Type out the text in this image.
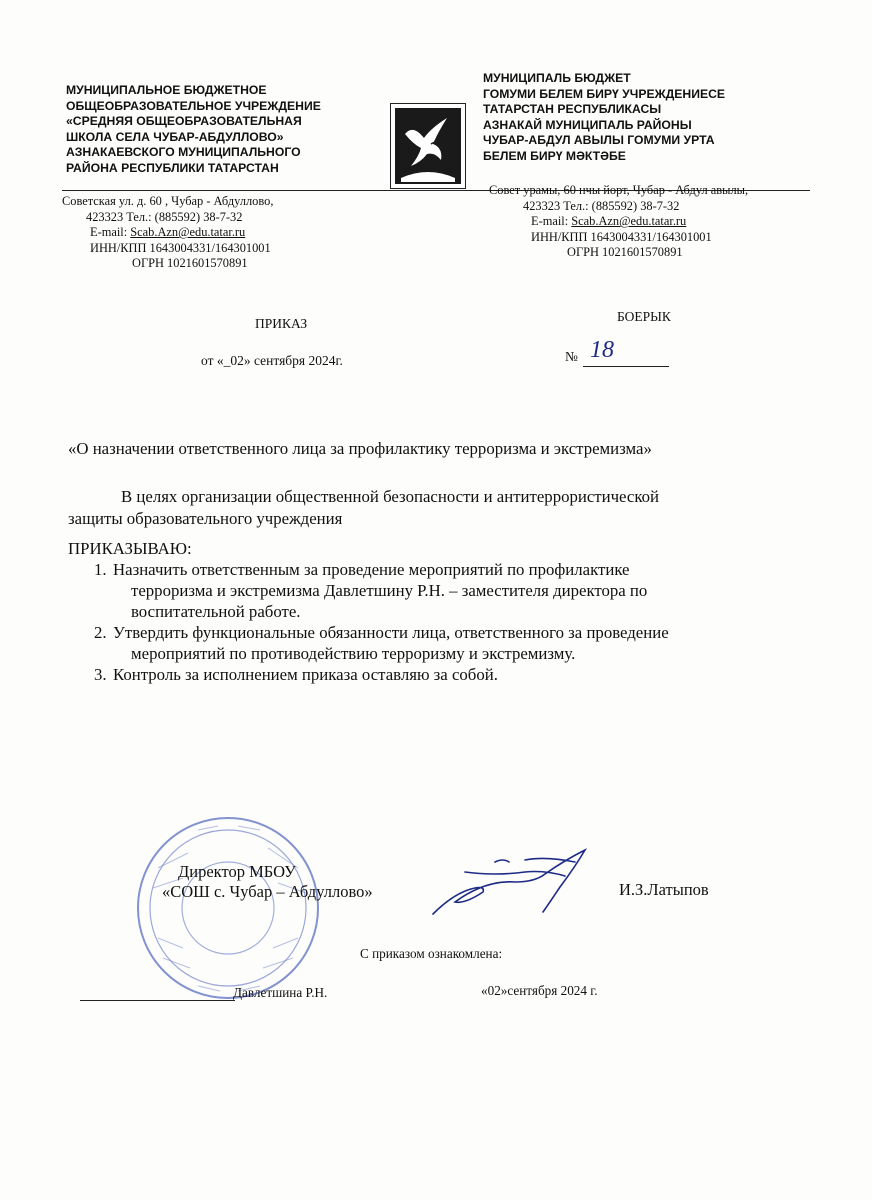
МУНИЦИПАЛЬНОЕ БЮДЖЕТНОЕ
ОБЩЕОБРАЗОВАТЕЛЬНОЕ УЧРЕЖДЕНИЕ
«СРЕДНЯЯ ОБЩЕОБРАЗОВАТЕЛЬНАЯ
ШКОЛА СЕЛА ЧУБАР-АБДУЛЛОВО»
АЗНАКАЕВСКОГО МУНИЦИПАЛЬНОГО
РАЙОНА РЕСПУБЛИКИ ТАТАРСТАН
МУНИЦИПАЛЬ БЮДЖЕТ
ГОМУМИ БЕЛЕМ БИРҮ УЧРЕЖДЕНИЕСЕ
ТАТАРСТАН РЕСПУБЛИКАСЫ
АЗНАКАЙ МУНИЦИПАЛЬ РАЙОНЫ
ЧУБАР-АБДУЛ АВЫЛЫ ГОМУМИ УРТА
БЕЛЕМ БИРҮ МӘКТӘБЕ
Советская ул. д. 60 , Чубар - Абдуллово,
423323 Тел.: (885592) 38-7-32
E-mail: Scab.Azn@edu.tatar.ru
ИНН/КПП 1643004331/164301001
ОГРН 1021601570891
Совет урамы, 60 нчы йорт, Чубар - Абдул авылы,
423323 Тел.: (885592) 38-7-32
E-mail: Scab.Azn@edu.tatar.ru
ИНН/КПП 1643004331/164301001
ОГРН 1021601570891
ПРИКАЗ	БОЕРЫК
от «_02» сентября 2024г.	№ 18
«О назначении ответственного лица за профилактику терроризма и экстремизма»
В целях организации общественной безопасности и антитеррористической
защиты образовательного учреждения
ПРИКАЗЫВАЮ:
1. Назначить ответственным за проведение мероприятий по профилактике
терроризма и экстремизма Давлетшину Р.Н. – заместителя директора по
воспитательной работе.
2. Утвердить функциональные обязанности лица, ответственного за проведение
мероприятий по противодействию терроризму и экстремизму.
3. Контроль за исполнением приказа оставляю за собой.
Директор МБОУ
«СОШ с. Чубар – Абдуллово»	И.З.Латыпов
С приказом ознакомлена:
Давлетшина Р.Н.	«02»сентября 2024 г.
